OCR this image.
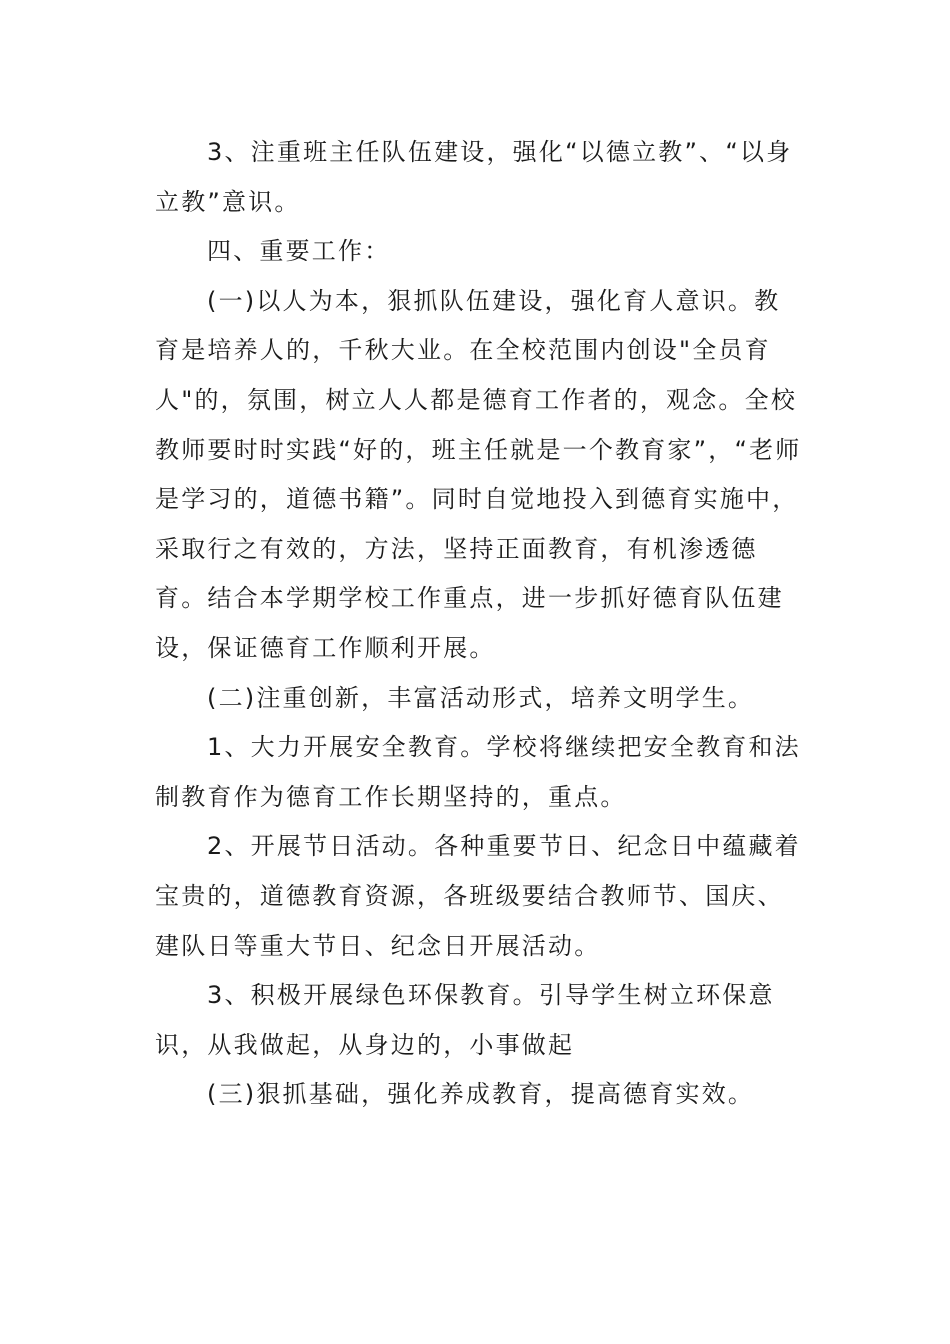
3、注重班主任队伍建设，强化“以德立教”、“以身立教”意识。

四、重要工作：

(一)以人为本，狠抓队伍建设，强化育人意识。教育是培养人的，千秋大业。在全校范围内创设"全员育人"的，氛围，树立人人都是德育工作者的，观念。全校教师要时时实践“好的，班主任就是一个教育家”，“老师是学习的，道德书籍”。同时自觉地投入到德育实施中，采取行之有效的，方法，坚持正面教育，有机渗透德育。结合本学期学校工作重点，进一步抓好德育队伍建设，保证德育工作顺利开展。

(二)注重创新，丰富活动形式，培养文明学生。

1、大力开展安全教育。学校将继续把安全教育和法制教育作为德育工作长期坚持的，重点。

2、开展节日活动。各种重要节日、纪念日中蕴藏着宝贵的，道德教育资源，各班级要结合教师节、国庆、建队日等重大节日、纪念日开展活动。

3、积极开展绿色环保教育。引导学生树立环保意识，从我做起，从身边的，小事做起

(三)狠抓基础，强化养成教育，提高德育实效。
